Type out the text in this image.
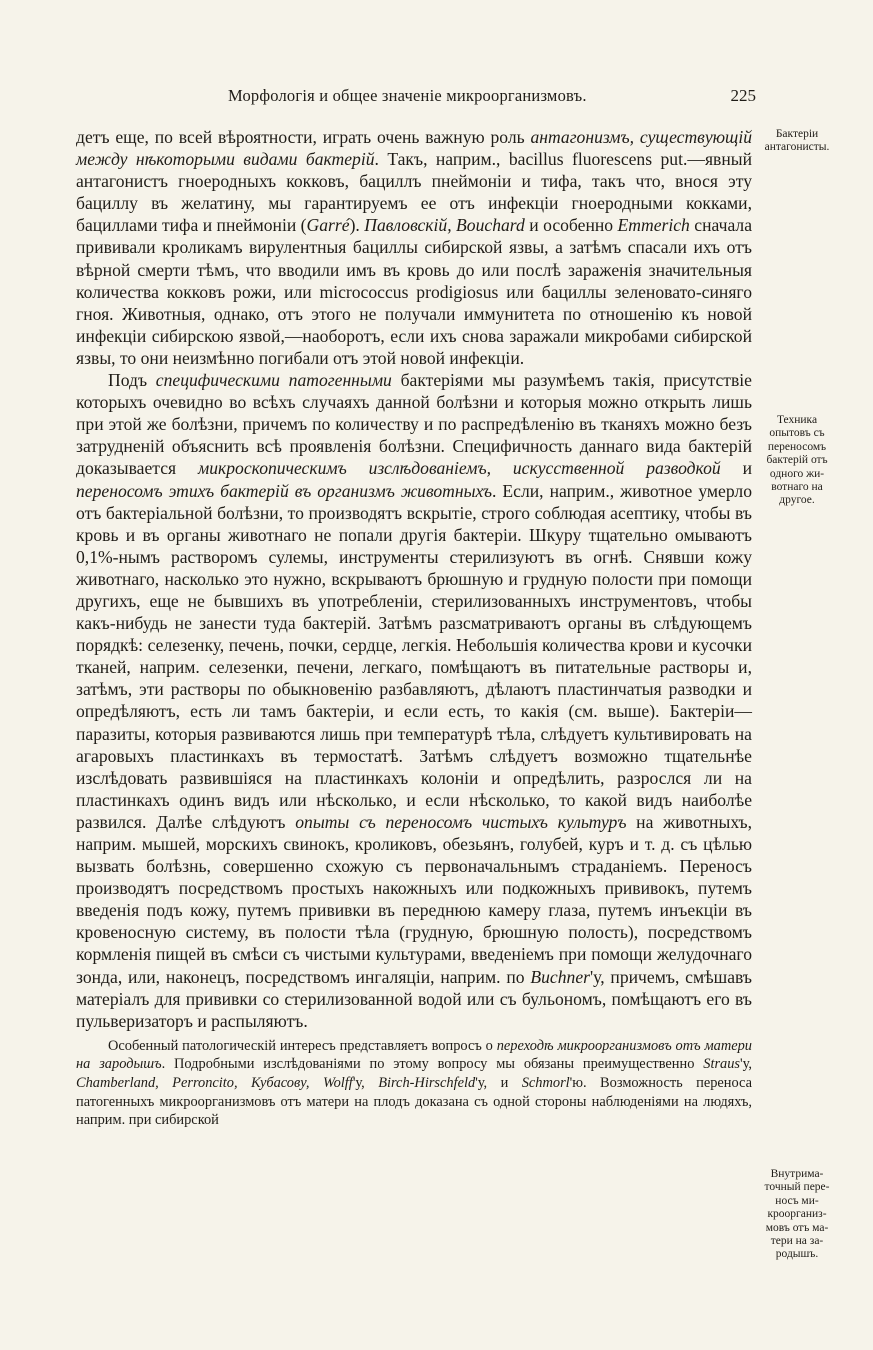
Морфологія и общее значеніе микроорганизмовъ.	225

детъ еще, по всей вѣроятности, играть очень важную роль антагонизмъ, существующій между нѣкоторыми видами бактерій. Такъ, наприм., bacillus fluorescens put.—явный антагонистъ гноеродныхъ кокковъ, бациллъ пнеймоніи и тифа, такъ что, внося эту бациллу въ желатину, мы гарантируемъ ее отъ инфекціи гноеродными кокками, бациллами тифа и пнеймоніи (Garré). Павловскій, Bouchard и особенно Emmerich сначала прививали кроликамъ вирулентныя бациллы сибирской язвы, а затѣмъ спасали ихъ отъ вѣрной смерти тѣмъ, что вводили имъ въ кровь до или послѣ зараженія значительныя количества кокковъ рожи, или micrococcus prodigiosus или бациллы зеленовато-синяго гноя. Животныя, однако, отъ этого не получали иммунитета по отношенію къ новой инфекціи сибирскою язвой,—наоборотъ, если ихъ снова заражали микробами сибирской язвы, то они неизмѣнно погибали отъ этой новой инфекціи.

Подъ специфическими патогенными бактеріями мы разумѣемъ такія, присутствіе которыхъ очевидно во всѣхъ случаяхъ данной болѣзни и которыя можно открыть лишь при этой же болѣзни, причемъ по количеству и по распредѣленію въ тканяхъ можно безъ затрудненій объяснить всѣ проявленія болѣзни. Специфичность даннаго вида бактерій доказывается микроскопическимъ изслѣдованіемъ, искусственной разводкой и переносомъ этихъ бактерій въ организмъ животныхъ. Если, наприм., животное умерло отъ бактеріальной болѣзни, то производятъ вскрытіе, строго соблюдая асептику, чтобы въ кровь и въ органы животнаго не попали другія бактеріи. Шкуру тщательно омываютъ 0,1%-нымъ растворомъ сулемы, инструменты стерилизуютъ въ огнѣ. Снявши кожу животнаго, насколько это нужно, вскрываютъ брюшную и грудную полости при помощи другихъ, еще не бывшихъ въ употребленіи, стерилизованныхъ инструментовъ, чтобы какъ-нибудь не занести туда бактерій. Затѣмъ разсматриваютъ органы въ слѣдующемъ порядкѣ: селезенку, печень, почки, сердце, легкія. Небольшія количества крови и кусочки тканей, наприм. селезенки, печени, легкаго, помѣщаютъ въ питательные растворы и, затѣмъ, эти растворы по обыкновенію разбавляютъ, дѣлаютъ пластинчатыя разводки и опредѣляютъ, есть ли тамъ бактеріи, и если есть, то какія (см. выше). Бактеріи—паразиты, которыя развиваются лишь при температурѣ тѣла, слѣдуетъ культивировать на агаровыхъ пластинкахъ въ термостатѣ. Затѣмъ слѣдуетъ возможно тщательнѣе изслѣдовать развившіяся на пластинкахъ колоніи и опредѣлить, разрослся ли на пластинкахъ одинъ видъ или нѣсколько, и если нѣсколько, то какой видъ наиболѣе развился. Далѣе слѣдуютъ опыты съ переносомъ чистыхъ культуръ на животныхъ, наприм. мышей, морскихъ свинокъ, кроликовъ, обезьянъ, голубей, куръ и т. д. съ цѣлью вызвать болѣзнь, совершенно схожую съ первоначальнымъ страданіемъ. Переносъ производятъ посредствомъ простыхъ накожныхъ или подкожныхъ прививокъ, путемъ введенія подъ кожу, путемъ прививки въ переднюю камеру глаза, путемъ инъекціи въ кровеносную систему, въ полости тѣла (грудную, брюшную полость), посредствомъ кормленія пищей въ смѣси съ чистыми культурами, введеніемъ при помощи желудочнаго зонда, или, наконецъ, посредствомъ ингаляціи, наприм. по Buchner'у, причемъ, смѣшавъ матеріалъ для прививки со стерилизованной водой или съ бульономъ, помѣщаютъ его въ пульверизаторъ и распыляютъ.

Особенный патологическій интересъ представляетъ вопросъ о переходѣ микроорганизмовъ отъ матери на зародышъ. Подробными изслѣдованіями по этому вопросу мы обязаны преимущественно Straus'у, Chamberland, Perroncito, Кубасову, Wolff'у, Birch-Hirschfeld'у, и Schmorl'ю. Возможность переноса патогенныхъ микроорганизмовъ отъ матери на плодъ доказана съ одной стороны наблюденіями на людяхъ, наприм. при сибирской

Бактеріи антагонисты.
Техника опытовъ съ переносомъ бактерій отъ одного жи- вотнаго на другое.
Внутрима- точный пере- носъ ми- кроорганиз- мовъ отъ ма- тери на за- родышъ.
